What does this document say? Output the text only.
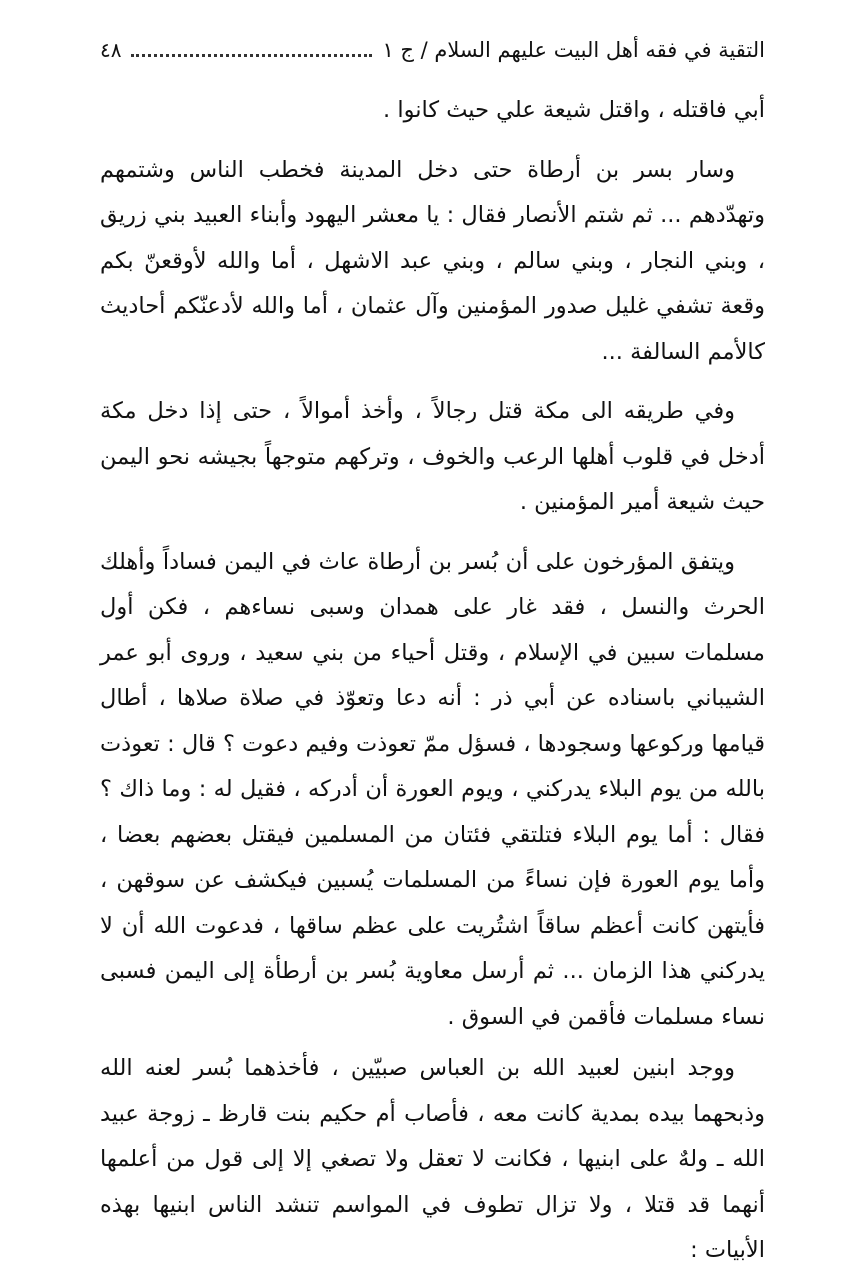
التقية في فقه أهل البيت عليهم السلام / ج ١
٤٨

أبي فاقتله ، واقتل شيعة علي حيث كانوا .

وسار بسر بن أرطاة حتى دخل المدينة فخطب الناس وشتمهم وتهدّدهم ... ثم شتم الأنصار فقال : يا معشر اليهود وأبناء العبيد بني زريق ، وبني النجار ، وبني سالم ، وبني عبد الاشهل ، أما والله لأوقعنّ بكم وقعة تشفي غليل صدور المؤمنين وآل عثمان ، أما والله لأدعنّكم أحاديث كالأمم السالفة ...

وفي طريقه الى مكة قتل رجالاً ، وأخذ أموالاً ، حتى إذا دخل مكة أدخل في قلوب أهلها الرعب والخوف ، وتركهم متوجهاً بجيشه نحو اليمن حيث شيعة أمير المؤمنين .

ويتفق المؤرخون على أن بُسر بن أرطاة عاث في اليمن فساداً وأهلك الحرث والنسل ، فقد غار على همدان وسبى نساءهم ، فكن أول مسلمات سبين في الإسلام ، وقتل أحياء من بني سعيد ، وروى أبو عمر الشيباني باسناده عن أبي ذر : أنه دعا وتعوّذ في صلاة صلاها ، أطال قيامها وركوعها وسجودها ، فسؤل ممّ تعوذت وفيم دعوت ؟ قال : تعوذت بالله من يوم البلاء يدركني ، ويوم العورة أن أدركه ، فقيل له : وما ذاك ؟ فقال : أما يوم البلاء فتلتقي فئتان من المسلمين فيقتل بعضهم بعضا ، وأما يوم العورة فإن نساءً من المسلمات يُسبين فيكشف عن سوقهن ، فأيتهن كانت أعظم ساقاً اشتُريت على عظم ساقها ، فدعوت الله أن لا يدركني هذا الزمان ... ثم أرسل معاوية بُسر بن أرطأة إلى اليمن فسبى نساء مسلمات فأقمن في السوق .

ووجد ابنين لعبيد الله بن العباس صبيّين ، فأخذهما بُسر لعنه الله وذبحهما بيده بمدية كانت معه ، فأصاب أم حكيم بنت قارظ ـ زوجة عبيد الله ـ ولهٌ على ابنيها ، فكانت لا تعقل ولا تصغي إلا إلى قول من أعلمها أنهما قد قتلا ، ولا تزال تطوف في المواسم تنشد الناس ابنيها بهذه الأبيات :
